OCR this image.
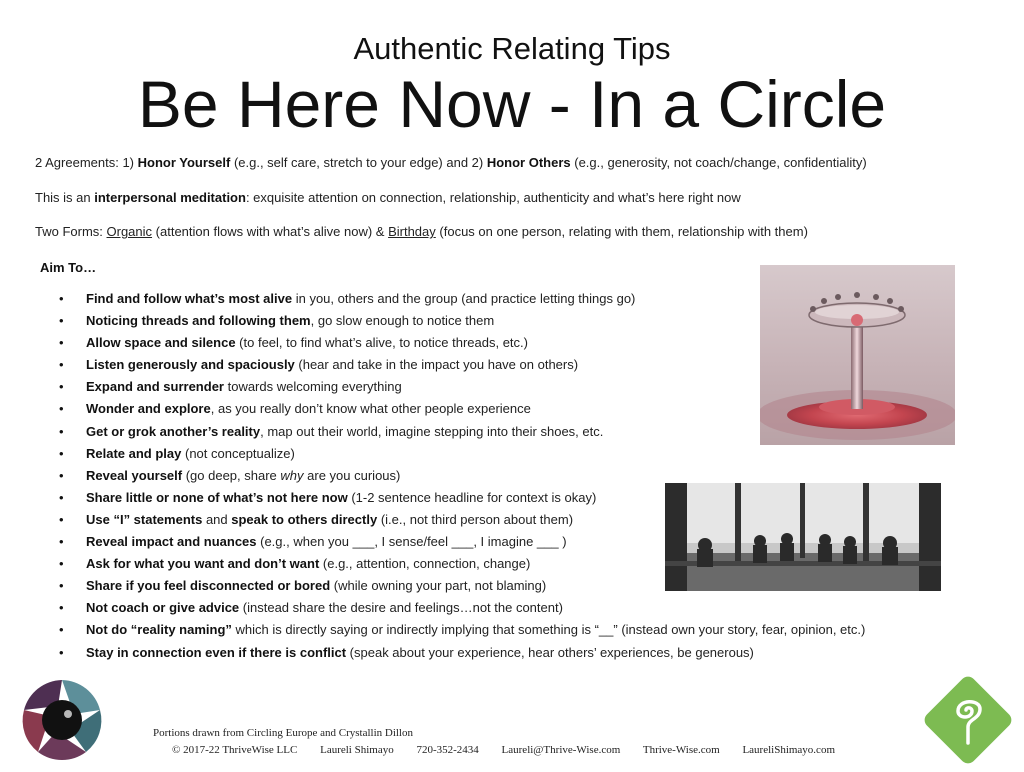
Authentic Relating Tips
Be Here Now - In a Circle
2 Agreements: 1) Honor Yourself (e.g., self care, stretch to your edge) and 2) Honor Others (e.g., generosity, not coach/change, confidentiality)
This is an interpersonal meditation: exquisite attention on connection, relationship, authenticity and what’s here right now
Two Forms: Organic (attention flows with what’s alive now) & Birthday (focus on one person, relating with them, relationship with them)
Aim To…
• Find and follow what’s most alive in you, others and the group (and practice letting things go)
• Noticing threads and following them, go slow enough to notice them
• Allow space and silence (to feel, to find what’s alive, to notice threads, etc.)
• Listen generously and spaciously (hear and take in the impact you have on others)
• Expand and surrender towards welcoming everything
• Wonder and explore, as you really don’t know what other people experience
• Get or grok another’s reality, map out their world, imagine stepping into their shoes, etc.
• Relate and play (not conceptualize)
• Reveal yourself (go deep, share why are you curious)
• Share little or none of what’s not here now (1-2 sentence headline for context is okay)
• Use “I” statements and speak to others directly (i.e., not third person about them)
• Reveal impact and nuances (e.g., when you ___, I sense/feel ___, I imagine ___ )
• Ask for what you want and don’t want (e.g., attention, connection, change)
• Share if you feel disconnected or bored (while owning your part, not blaming)
• Not coach or give advice (instead share the desire and feelings…not the content)
• Not do “reality naming” which is directly saying or indirectly implying that something is “__” (instead own your story, fear, opinion, etc.)
• Stay in connection even if there is conflict (speak about your experience, hear others’ experiences, be generous)
Portions drawn from Circling Europe and Crystallin Dillon
© 2017-22 ThriveWise LLC Laureli Shimayo 720-352-2434 Laureli@Thrive-Wise.com Thrive-Wise.com LaureliShimayo.com
